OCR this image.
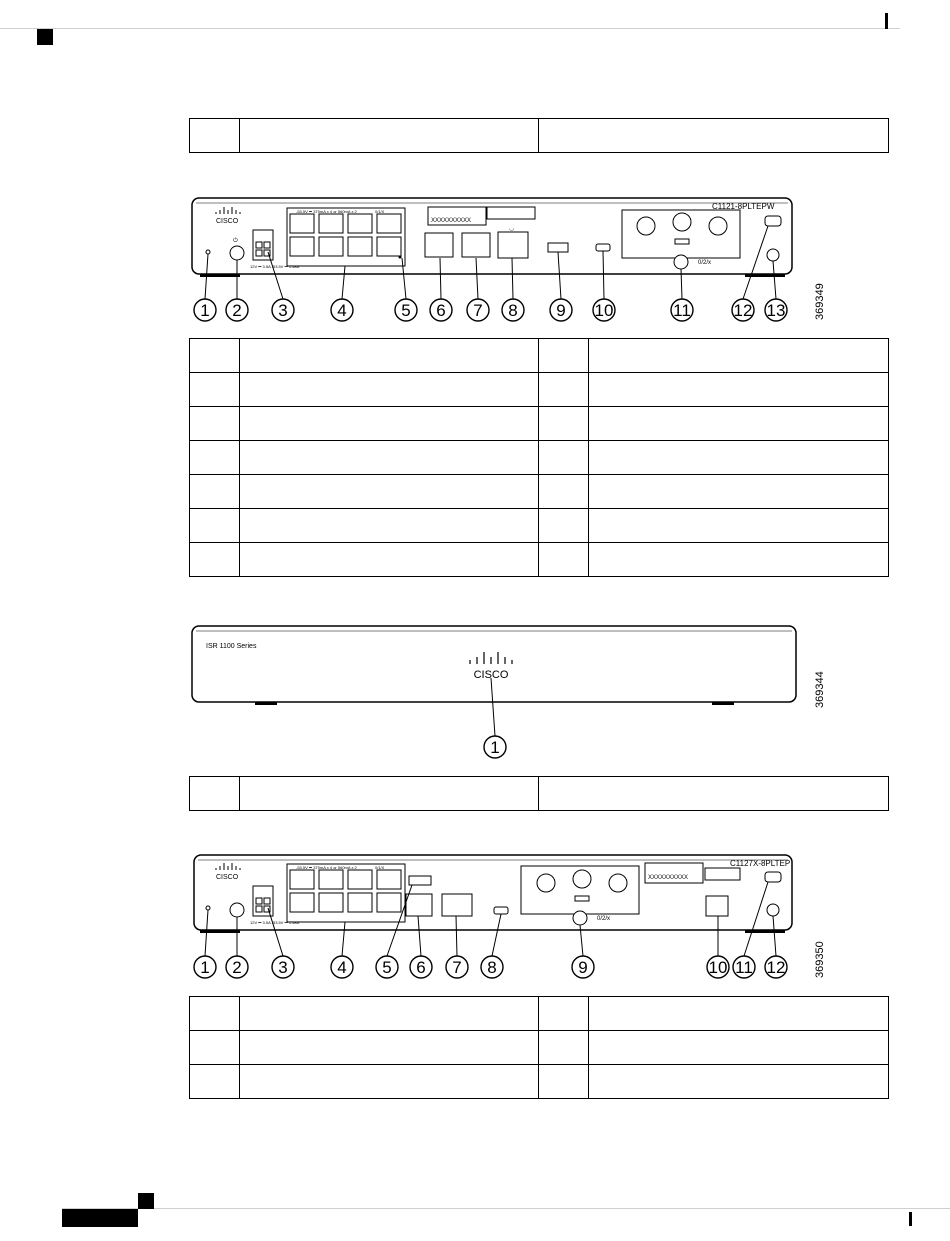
CISCO
⏻
12V ⎓ 3.5A -53.5V ⎓ 1.58A
-53.5V ⎓ 375mA x 4 or 560mA x 2	0/1/X
XXXXXXXXXX
◡
0/2/x
C1121-8PLTEPW
369349
1 2 3	4	5 6 7 8 9 10	11	12 13
ISR 1100 Series
CISCO	369344
1
CISCO
12V ⎓ 3.5A -53.5V ⎓ 1.58A
-53.5V ⎓ 375mA x 4 or 560mA x 2	0/1/X
0/2/x
XXXXXXXXXX
C1127X-8PLTEP
369350
1 2 3	4 5 6 7 8	9	10 11 12
